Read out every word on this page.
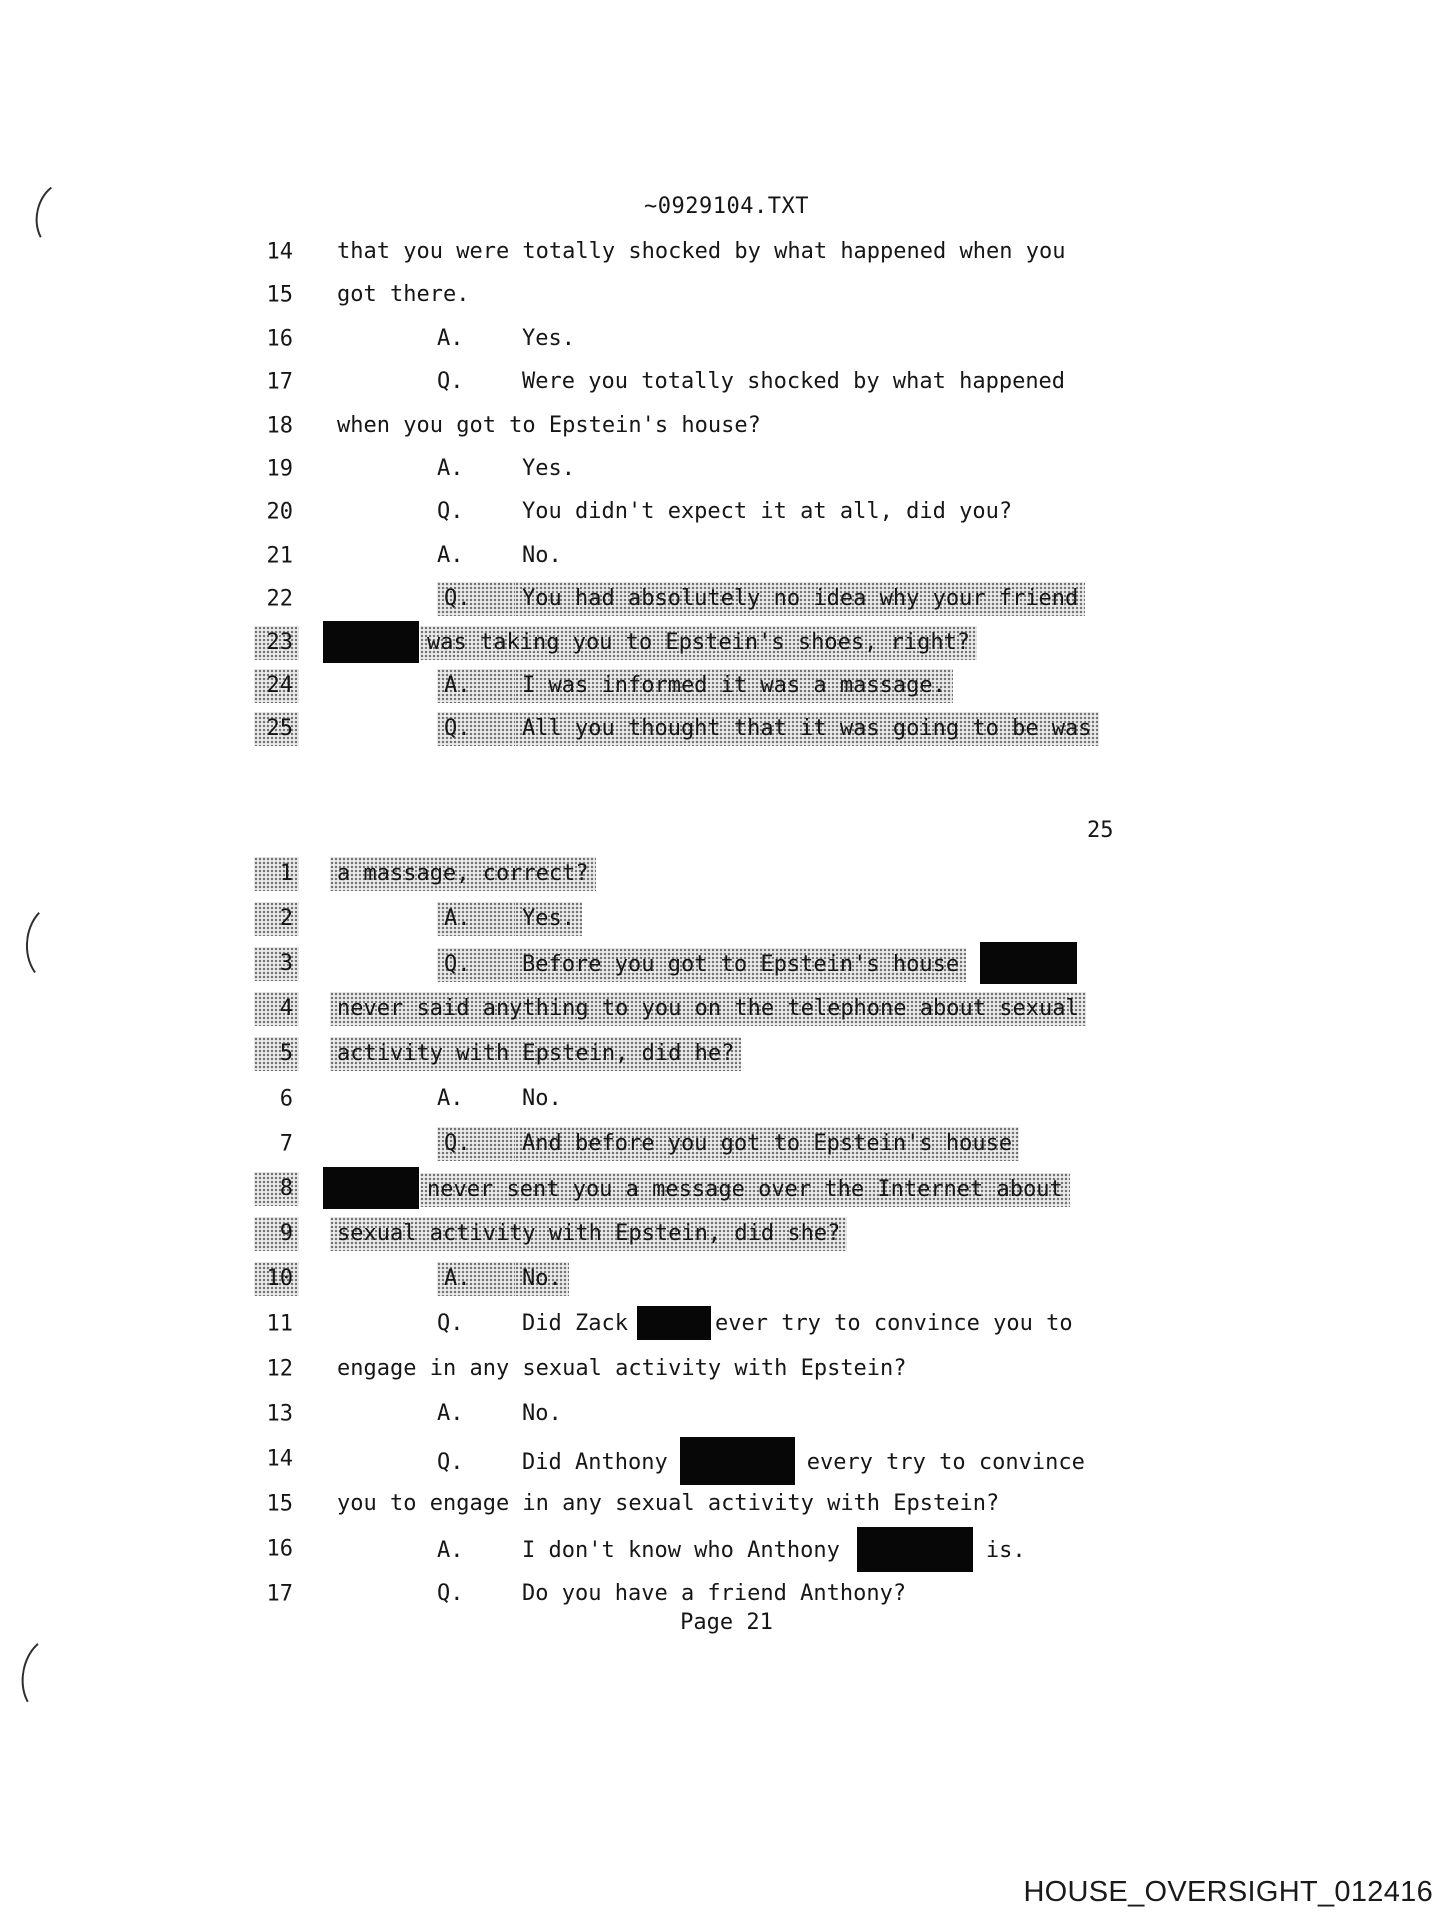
~0929104.TXT
25
Page 21
HOUSE_OVERSIGHT_012416
14 that you were totally shocked by what happened when you
15 got there.
16	A.	Yes.
17	Q.	Were you totally shocked by what happened
18 when you got to Epstein's house?
19	A.	Yes.
20	Q.	You didn't expect it at all, did you?
21	A.	No.
22	Q. You had absolutely no idea why your friend
23	was taking you to Epstein's shoes, right?
24	A. I was informed it was a massage.
25	Q. All you thought that it was going to be was
1 a massage, correct?
2	A. Yes.
3	Q. Before you got to Epstein's house
4 never said anything to you on the telephone about sexual
5 activity with Epstein, did he?
6	A.	No.
7	Q. And before you got to Epstein's house
8	never sent you a message over the Internet about
9 sexual activity with Epstein, did she?
10	A. No.
11	Q.	Did Zack	ever try to convince you to
12 engage in any sexual activity with Epstein?
13	A.	No.
14	Q.	Did Anthony	every try to convince
15 you to engage in any sexual activity with Epstein?
16	A.	I don't know who Anthony	is.
17	Q.	Do you have a friend Anthony?
